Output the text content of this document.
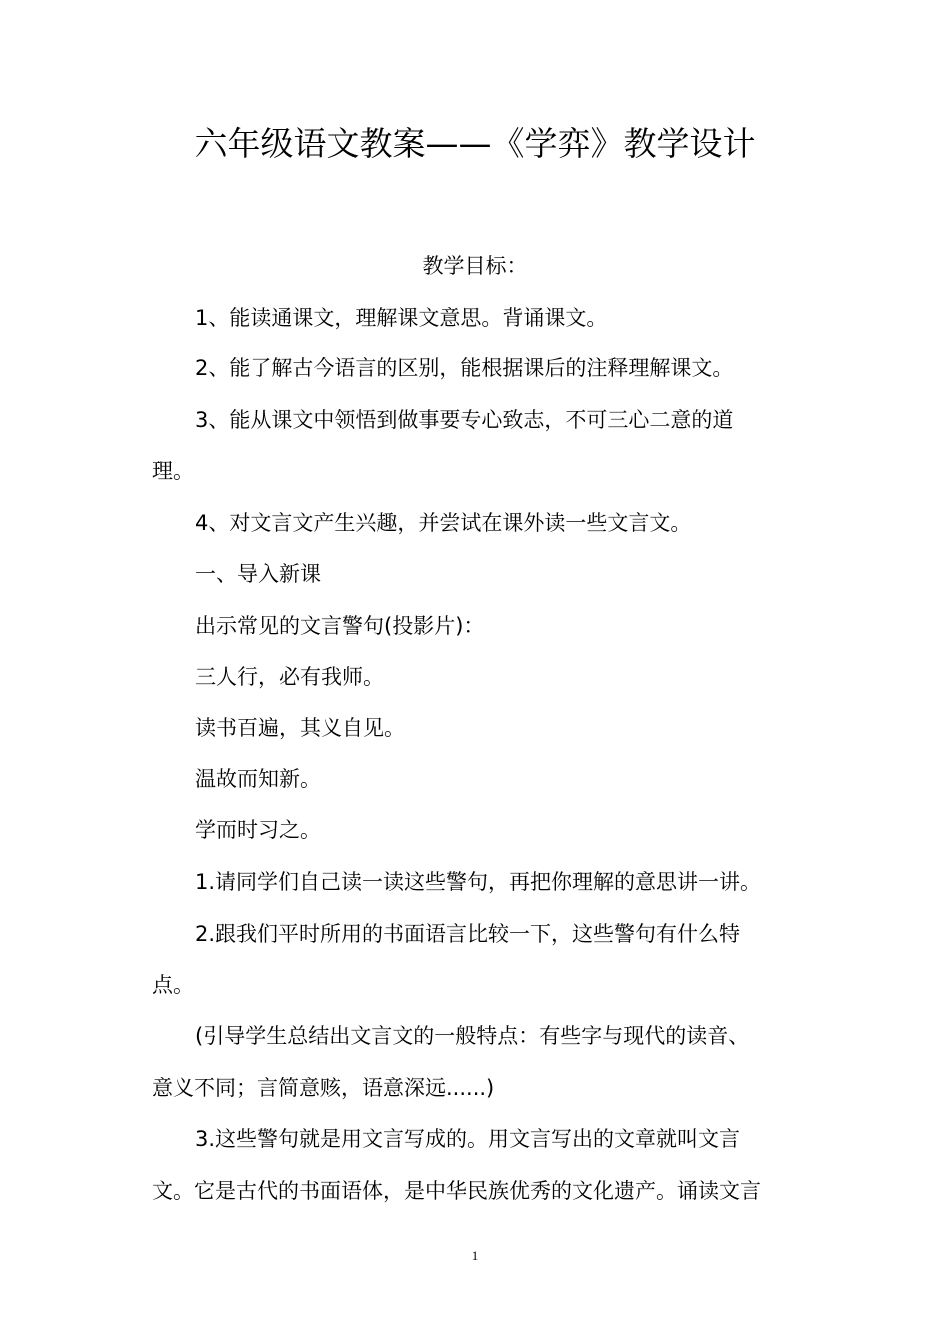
六年级语文教案——《学弈》教学设计
教学目标：
1、能读通课文，理解课文意思。背诵课文。
2、能了解古今语言的区别，能根据课后的注释理解课文。
3、能从课文中领悟到做事要专心致志，不可三心二意的道
理。
4、对文言文产生兴趣，并尝试在课外读一些文言文。
一、导入新课
出示常见的文言警句(投影片)：
三人行，必有我师。
读书百遍，其义自见。
温故而知新。
学而时习之。
1.请同学们自己读一读这些警句，再把你理解的意思讲一讲。
2.跟我们平时所用的书面语言比较一下，这些警句有什么特
点。
(引导学生总结出文言文的一般特点：有些字与现代的读音、
意义不同；言简意赅，语意深远......)
3.这些警句就是用文言写成的。用文言写出的文章就叫文言
文。它是古代的书面语体，是中华民族优秀的文化遗产。诵读文言
1
